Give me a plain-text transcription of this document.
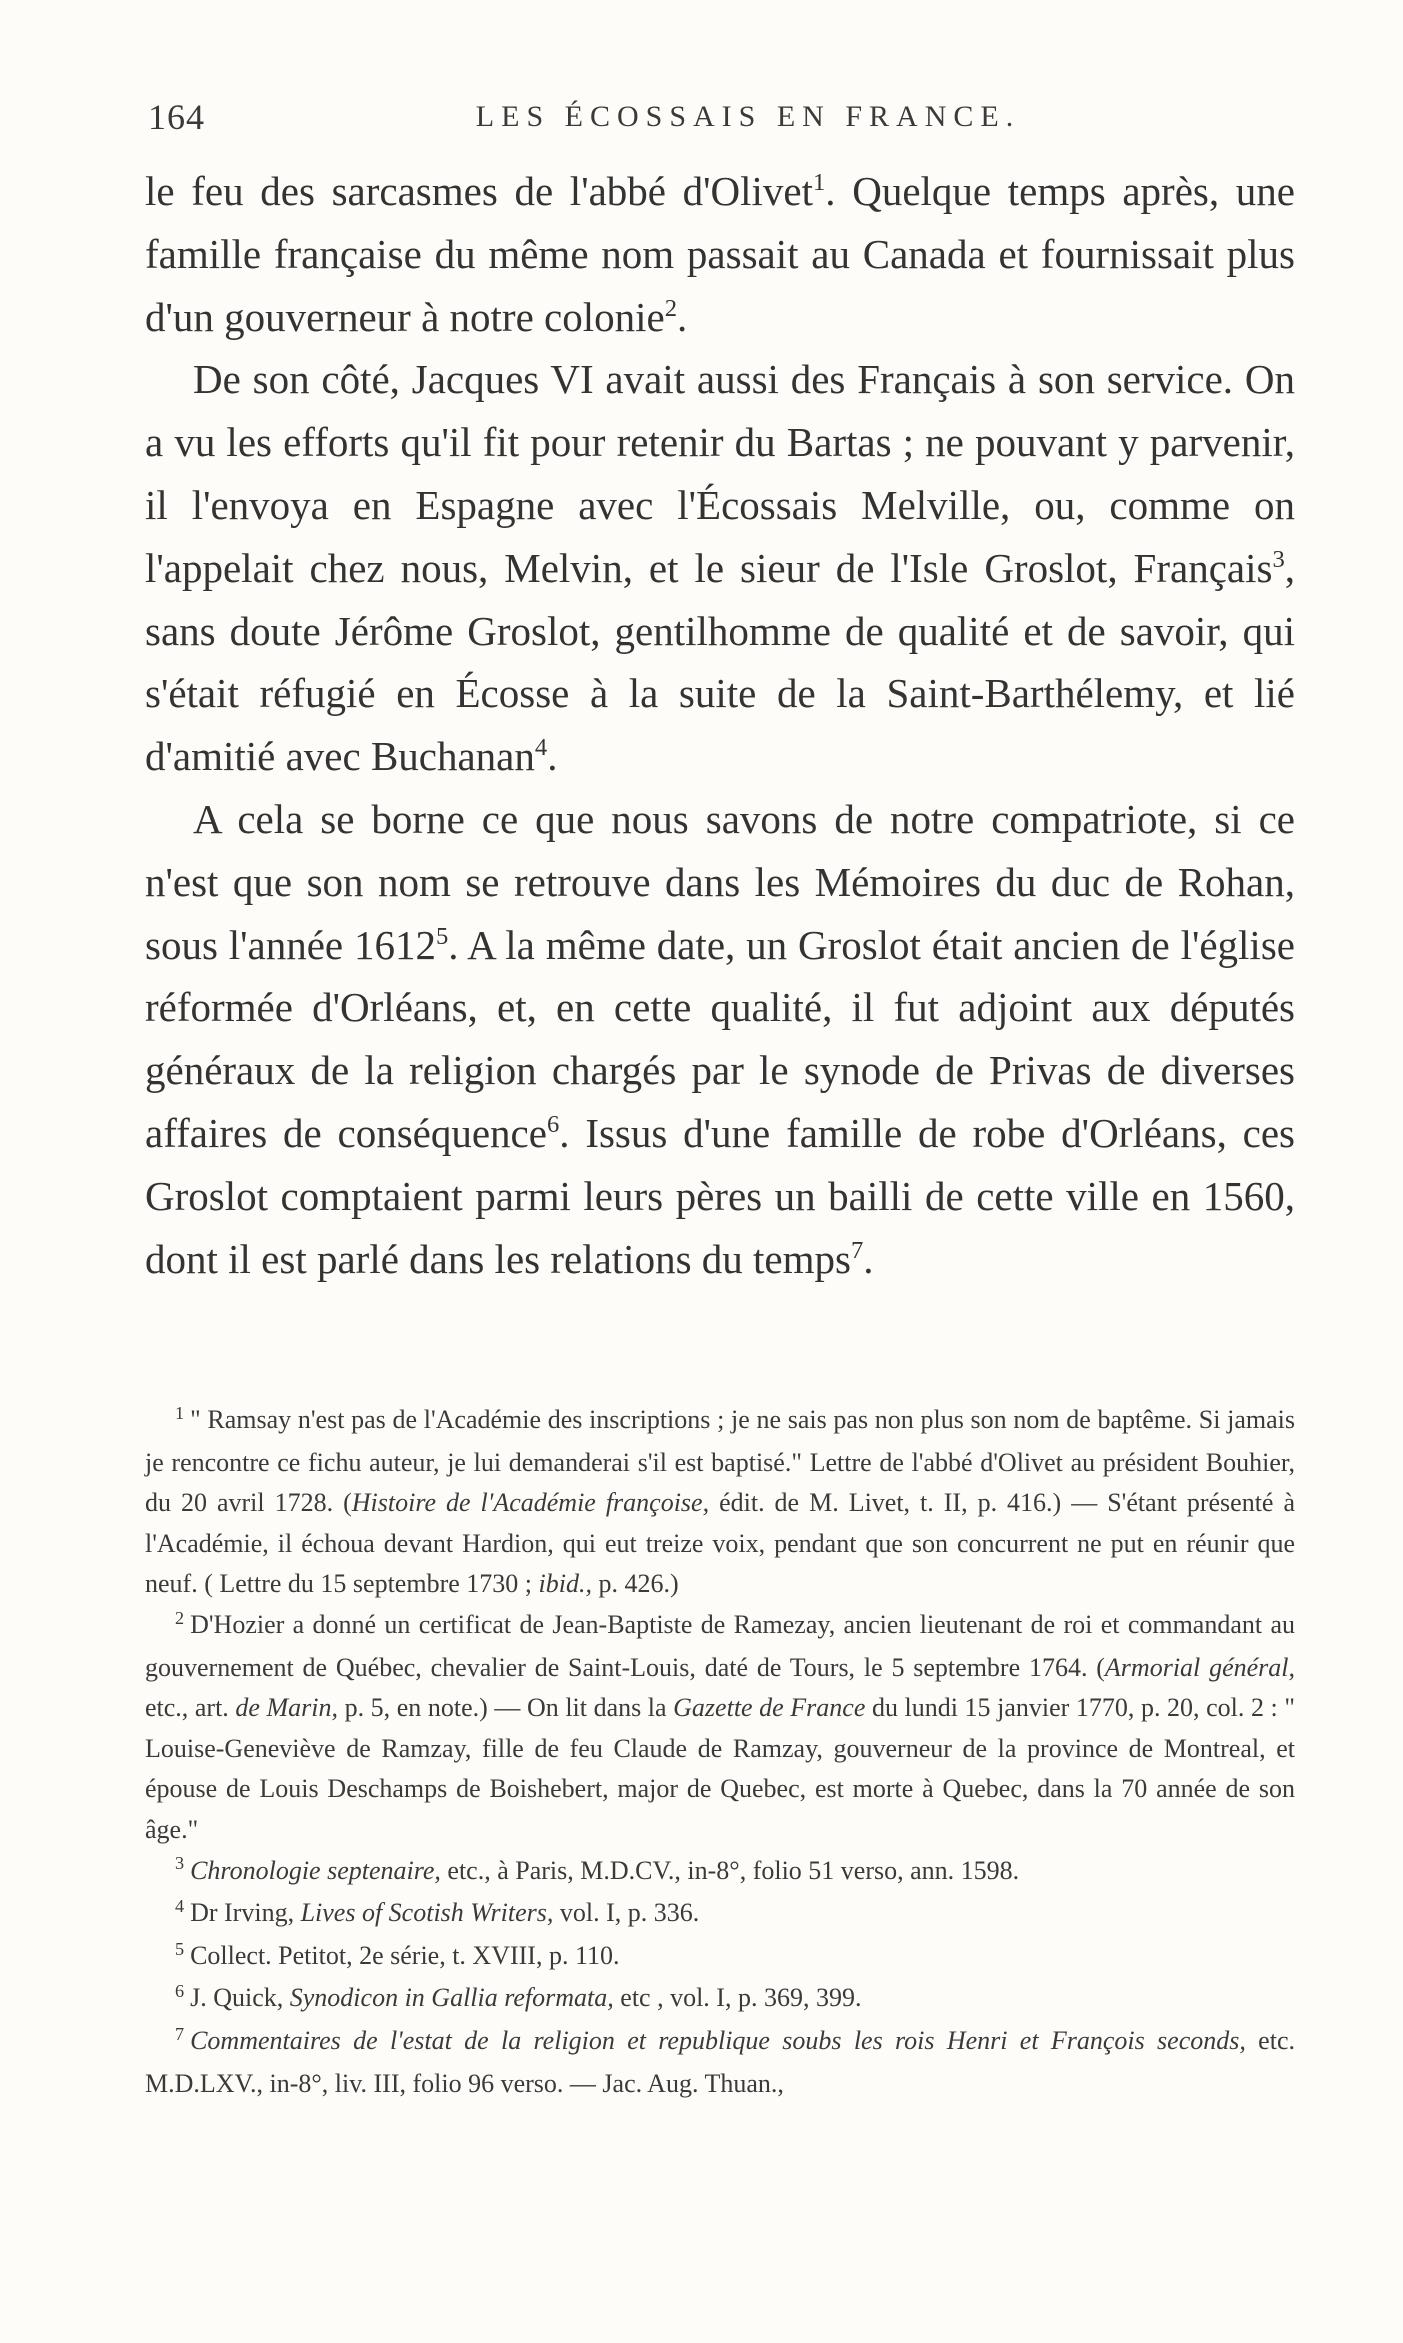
164	LES ÉCOSSAIS EN FRANCE.

le feu des sarcasmes de l'abbé d'Olivet$^1$. Quelque temps après, une famille française du même nom passait au Canada et fournissait plus d'un gouverneur à notre colonie$^2$.

De son côté, Jacques VI avait aussi des Français à son service. On a vu les efforts qu'il fit pour retenir du Bartas ; ne pouvant y parvenir, il l'envoya en Espagne avec l'Écossais Melville, ou, comme on l'appelait chez nous, Melvin, et le sieur de l'Isle Groslot, Français$^3$, sans doute Jérôme Groslot, gentilhomme de qualité et de savoir, qui s'était réfugié en Écosse à la suite de la Saint-Barthélemy, et lié d'amitié avec Buchanan$^4$.

A cela se borne ce que nous savons de notre compatriote, si ce n'est que son nom se retrouve dans les Mémoires du duc de Rohan, sous l'année 1612$^5$. A la même date, un Groslot était ancien de l'église réformée d'Orléans, et, en cette qualité, il fut adjoint aux députés généraux de la religion chargés par le synode de Privas de diverses affaires de conséquence$^6$. Issus d'une famille de robe d'Orléans, ces Groslot comptaient parmi leurs pères un bailli de cette ville en 1560, dont il est parlé dans les relations du temps$^7$.

$^1$ " Ramsay n'est pas de l'Académie des inscriptions ; je ne sais pas non plus son nom de baptême. Si jamais je rencontre ce fichu auteur, je lui demanderai s'il est baptisé." Lettre de l'abbé d'Olivet au président Bouhier, du 20 avril 1728. (Histoire de l'Académie françoise, édit. de M. Livet, t. II, p. 416.) — S'étant présenté à l'Académie, il échoua devant Hardion, qui eut treize voix, pendant que son concurrent ne put en réunir que neuf. ( Lettre du 15 septembre 1730 ; ibid., p. 426.)

$^2$ D'Hozier a donné un certificat de Jean-Baptiste de Ramezay, ancien lieutenant de roi et commandant au gouvernement de Québec, chevalier de Saint-Louis, daté de Tours, le 5 septembre 1764. (Armorial général, etc., art. de Marin, p. 5, en note.) — On lit dans la Gazette de France du lundi 15 janvier 1770, p. 20, col. 2 : " Louise-Geneviève de Ramzay, fille de feu Claude de Ramzay, gouverneur de la province de Montreal, et épouse de Louis Deschamps de Boishebert, major de Quebec, est morte à Quebec, dans la 70 année de son âge."

$^3$ Chronologie septenaire, etc., à Paris, M.D.CV., in-8°, folio 51 verso, ann. 1598.

$^4$ Dr Irving, Lives of Scotish Writers, vol. I, p. 336.

$^5$ Collect. Petitot, 2e série, t. XVIII, p. 110.

$^6$ J. Quick, Synodicon in Gallia reformata, etc , vol. I, p. 369, 399.

$^7$ Commentaires de l'estat de la religion et republique soubs les rois Henri et François seconds, etc. M.D.LXV., in-8°, liv. III, folio 96 verso. — Jac. Aug. Thuan.,
